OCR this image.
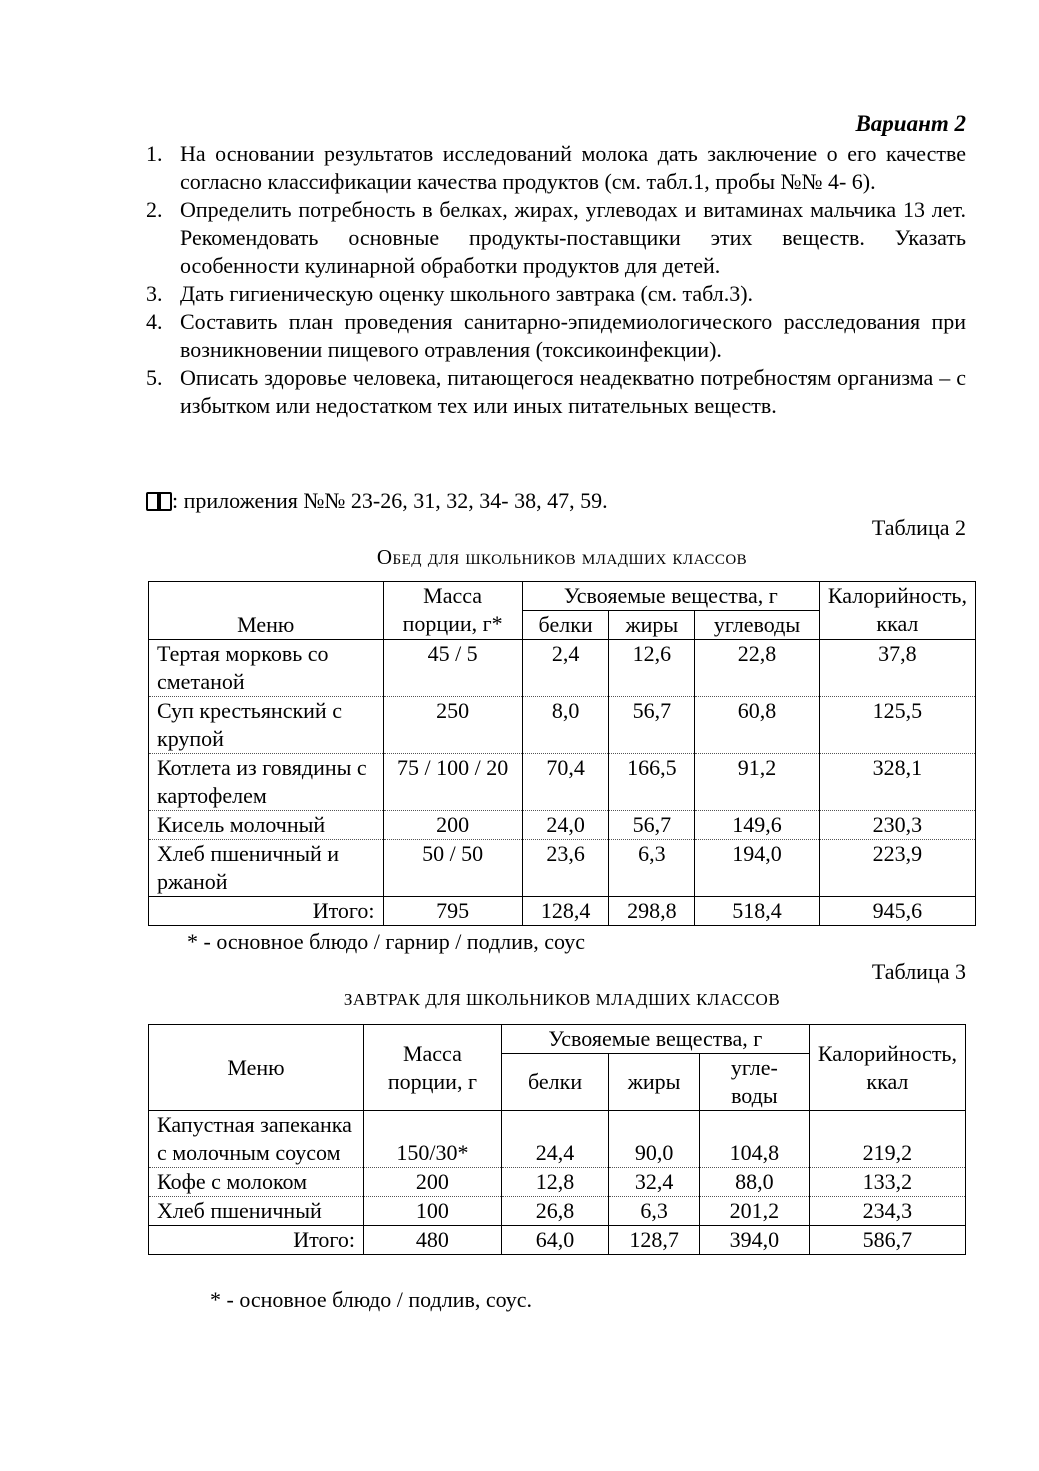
Вариант 2
1. На основании результатов исследований молока дать заключение о его качестве согласно классификации качества продуктов (см. табл.1, пробы №№ 4- 6).
2. Определить потребность в белках, жирах, углеводах и витаминах мальчика 13 лет. Рекомендовать основные продукты-поставщики этих веществ. Указать особенности кулинарной обработки продуктов для детей.
3. Дать гигиеническую оценку школьного завтрака (см. табл.3).
4. Составить план проведения санитарно-эпидемиологического расследования при возникновении пищевого отравления (токсикоинфекции).
5. Описать здоровье человека, питающегося неадекватно потребностям организма – с избытком или недостатком тех или иных питательных веществ.
: приложения №№ 23-26, 31, 32, 34- 38, 47, 59.
Таблица 2
Обед для школьников младших классов
Меню	Масса порции, г*	Усвояемые вещества, г			Калорийность, ккал
		белки	жиры	углеводы	
Тертая морковь со сметаной	45 / 5	2,4	12,6	22,8	37,8
Суп крестьянский с крупой	250	8,0	56,7	60,8	125,5
Котлета из говядины с картофелем	75 / 100 / 20	70,4	166,5	91,2	328,1
Кисель молочный	200	24,0	56,7	149,6	230,3
Хлеб пшеничный и ржаной	50 / 50	23,6	6,3	194,0	223,9
Итого:	795	128,4	298,8	518,4	945,6
* - основное блюдо / гарнир / подлив, соус
Таблица 3
ЗАВТРАК ДЛЯ ШКОЛЬНИКОВ МЛАДШИХ КЛАССОВ
Меню	Масса порции, г	Усвояемые вещества, г			Калорийность, ккал
		белки	жиры	угле-воды	
Капустная запеканка с молочным соусом	150/30*	24,4	90,0	104,8	219,2
Кофе с молоком	200	12,8	32,4	88,0	133,2
Хлеб пшеничный	100	26,8	6,3	201,2	234,3
Итого:	480	64,0	128,7	394,0	586,7
* - основное блюдо / подлив, соус.
